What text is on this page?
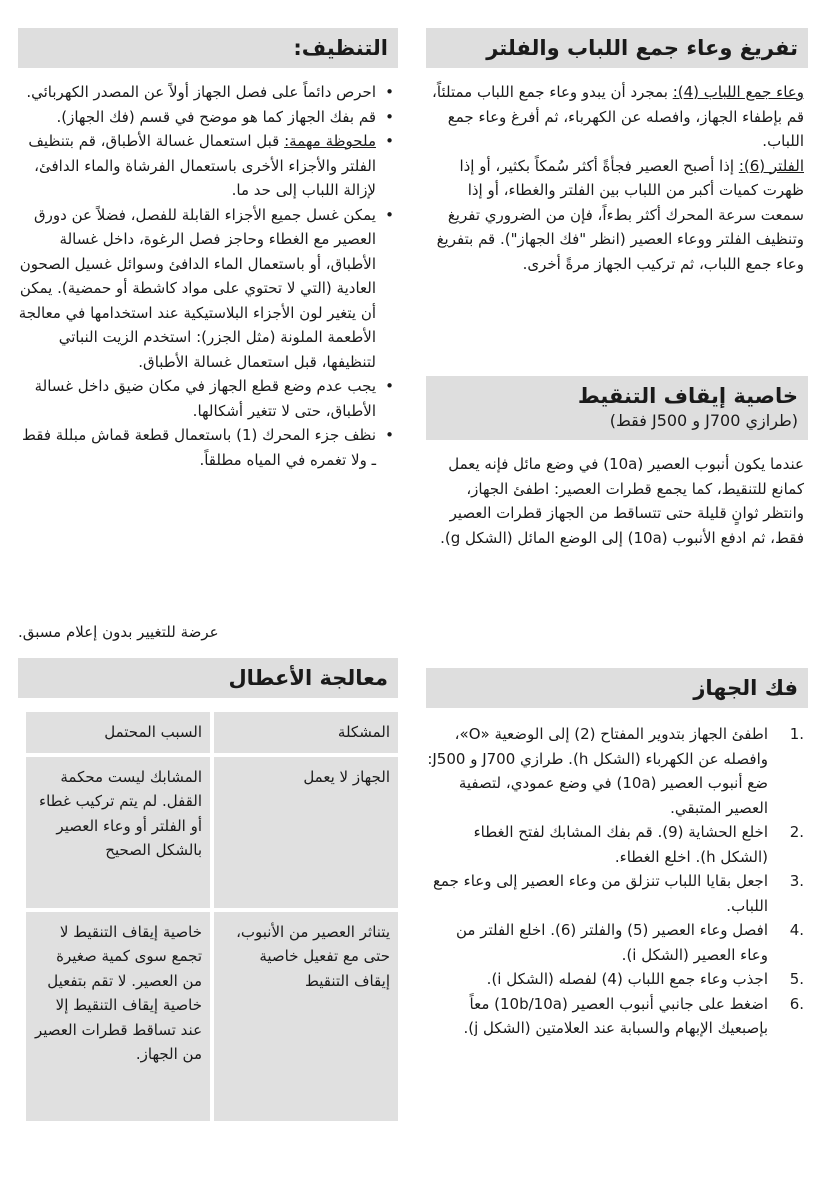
تفريغ وعاء جمع اللباب والفلتر

وعاء جمع اللباب (4): بمجرد أن يبدو وعاء جمع اللباب ممتلئاً، قم بإطفاء الجهاز، وافصله عن الكهرباء، ثم أفرغ وعاء جمع اللباب.

الفلتر (6): إذا أصبح العصير فجأةً أكثر سُمكاً بكثير، أو إذا ظهرت كميات أكبر من اللباب بين الفلتر والغطاء، أو إذا سمعت سرعة المحرك أكثر بطءاً، فإن من الضروري تفريغ وتنظيف الفلتر ووعاء العصير (انظر "فك الجهاز"). قم بتفريغ وعاء جمع اللباب، ثم تركيب الجهاز مرةً أخرى.

خاصية إيقاف التنقيط
(طرازي J700 و J500 فقط)

عندما يكون أنبوب العصير (10a) في وضع مائل فإنه يعمل كمانع للتنقيط، كما يجمع قطرات العصير: اطفئ الجهاز، وانتظر ثوانٍ قليلة حتى تتساقط من الجهاز قطرات العصير فقط، ثم ادفع الأنبوب (10a) إلى الوضع المائل (الشكل g).

فك الجهاز
1.
اطفئ الجهاز بتدوير المفتاح (2) إلى الوضعية «O»، وافصله عن الكهرباء (الشكل h). طرازي J700 و J500: ضع أنبوب العصير (10a) في وضع عمودي، لتصفية العصير المتبقي.
2.
اخلع الحشاية (9). قم بفك المشابك لفتح الغطاء (الشكل h). اخلع الغطاء.
3.
اجعل بقايا اللباب تنزلق من وعاء العصير إلى وعاء جمع اللباب.
4.
افصل وعاء العصير (5) والفلتر (6). اخلع الفلتر من وعاء العصير (الشكل i).
5.
اجذب وعاء جمع اللباب (4) لفصله (الشكل i).
6.
اضغط على جانبي أنبوب العصير (10b/10a) معاً بإصبعيك الإبهام والسبابة عند العلامتين (الشكل j).
التنظيف:
• احرص دائماً على فصل الجهاز أولاً عن المصدر الكهربائي.
• قم بفك الجهاز كما هو موضح في قسم (فك الجهاز).
• ملحوظة مهمة: قبل استعمال غسالة الأطباق، قم بتنظيف الفلتر والأجزاء الأخرى باستعمال الفرشاة والماء الدافئ، لإزالة اللباب إلى حد ما.
• يمكن غسل جميع الأجزاء القابلة للفصل، فضلاً عن دورق العصير مع الغطاء وحاجز فصل الرغوة، داخل غسالة الأطباق، أو باستعمال الماء الدافئ وسوائل غسيل الصحون العادية (التي لا تحتوي على مواد كاشطة أو حمضية). يمكن أن يتغير لون الأجزاء البلاستيكية عند استخدامها في معالجة الأطعمة الملونة (مثل الجزر): استخدم الزيت النباتي لتنظيفها، قبل استعمال غسالة الأطباق.
• يجب عدم وضع قطع الجهاز في مكان ضيق داخل غسالة الأطباق، حتى لا تتغير أشكالها.
• نظف جزء المحرك (1) باستعمال قطعة قماش مبللة فقط ـ ولا تغمره في المياه مطلقاً.

عرضة للتغيير بدون إعلام مسبق.

معالجة الأعطال
المشكلة	السبب المحتمل
الجهاز لا يعمل	المشابك ليست محكمة القفل. لم يتم تركيب غطاء أو الفلتر أو وعاء العصير بالشكل الصحيح
يتناثر العصير من الأنبوب، حتى مع تفعيل خاصية إيقاف التنقيط	خاصية إيقاف التنقيط لا تجمع سوى كمية صغيرة من العصير. لا تقم بتفعيل خاصية إيقاف التنقيط إلا عند تساقط قطرات العصير من الجهاز.
